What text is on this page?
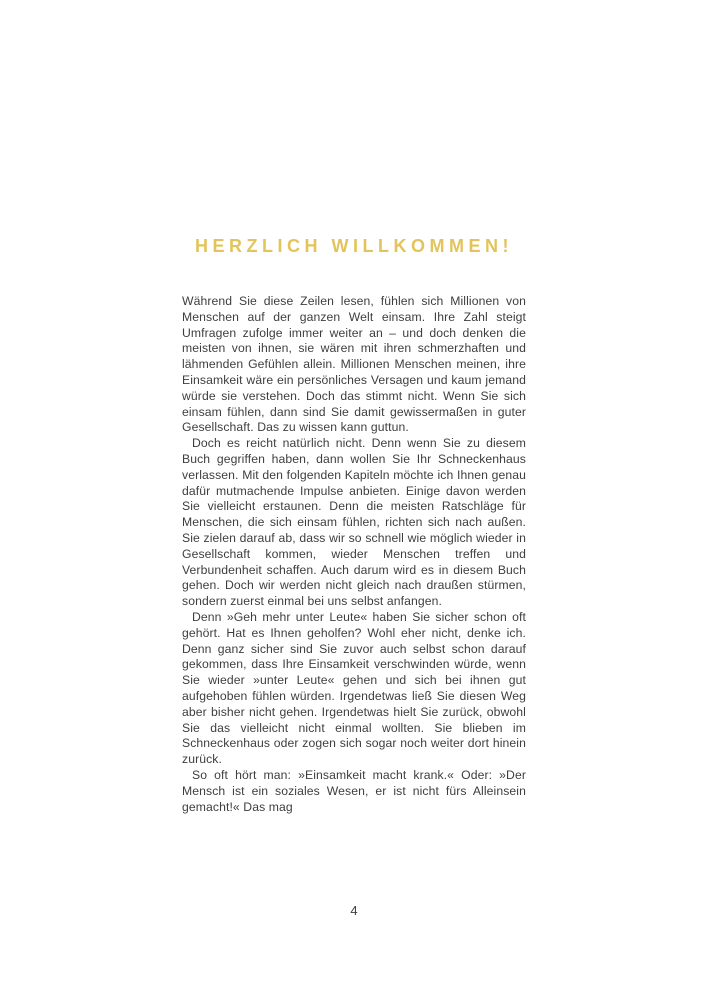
HERZLICH WILLKOMMEN!

Während Sie diese Zeilen lesen, fühlen sich Millionen von Menschen auf der ganzen Welt einsam. Ihre Zahl steigt Umfragen zufolge immer weiter an – und doch denken die meisten von ihnen, sie wären mit ihren schmerzhaften und lähmenden Gefühlen allein. Millionen Menschen meinen, ihre Einsamkeit wäre ein persönliches Versagen und kaum jemand würde sie verstehen. Doch das stimmt nicht. Wenn Sie sich einsam fühlen, dann sind Sie damit gewissermaßen in guter Gesellschaft. Das zu wissen kann guttun.

Doch es reicht natürlich nicht. Denn wenn Sie zu diesem Buch gegriffen haben, dann wollen Sie Ihr Schneckenhaus verlassen. Mit den folgenden Kapiteln möchte ich Ihnen genau dafür mutmachende Impulse anbieten. Einige davon werden Sie vielleicht erstaunen. Denn die meisten Ratschläge für Menschen, die sich einsam fühlen, richten sich nach außen. Sie zielen darauf ab, dass wir so schnell wie möglich wieder in Gesellschaft kommen, wieder Menschen treffen und Verbundenheit schaffen. Auch darum wird es in diesem Buch gehen. Doch wir werden nicht gleich nach draußen stürmen, sondern zuerst einmal bei uns selbst anfangen.

Denn »Geh mehr unter Leute« haben Sie sicher schon oft gehört. Hat es Ihnen geholfen? Wohl eher nicht, denke ich. Denn ganz sicher sind Sie zuvor auch selbst schon darauf gekommen, dass Ihre Einsamkeit verschwinden würde, wenn Sie wieder »unter Leute« gehen und sich bei ihnen gut aufgehoben fühlen würden. Irgendetwas ließ Sie diesen Weg aber bisher nicht gehen. Irgendetwas hielt Sie zurück, obwohl Sie das vielleicht nicht einmal wollten. Sie blieben im Schneckenhaus oder zogen sich sogar noch weiter dort hinein zurück.

So oft hört man: »Einsamkeit macht krank.« Oder: »Der Mensch ist ein soziales Wesen, er ist nicht fürs Alleinsein gemacht!« Das mag

4
